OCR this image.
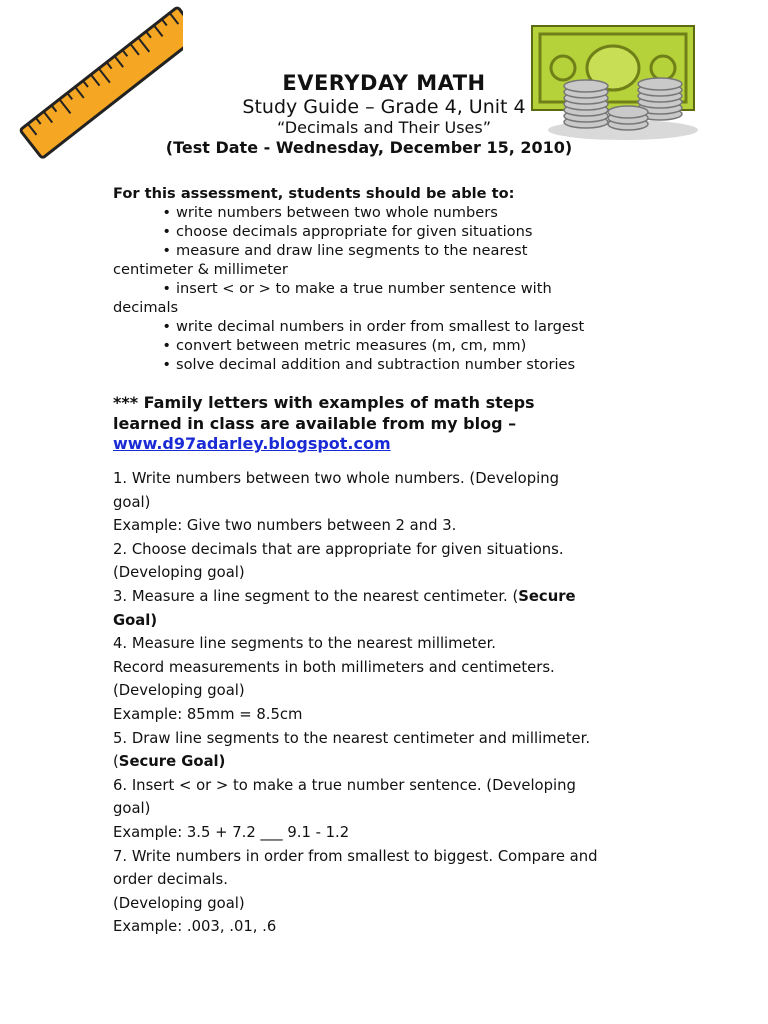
EVERYDAY MATH
Study Guide – Grade 4, Unit 4
“Decimals and Their Uses”
(Test Date - Wednesday, December 15, 2010)
For this assessment, students should be able to:
• write numbers between two whole numbers
• choose decimals appropriate for given situations
• measure and draw line segments to the nearest
centimeter & millimeter
• insert < or > to make a true number sentence with
decimals
• write decimal numbers in order from smallest to largest
• convert between metric measures (m, cm, mm)
• solve decimal addition and subtraction number stories
*** Family letters with examples of math steps
learned in class are available from my blog –
www.d97adarley.blogspot.com

1. Write numbers between two whole numbers. (Developing

goal)

Example: Give two numbers between 2 and 3.

2. Choose decimals that are appropriate for given situations.

(Developing goal)

3. Measure a line segment to the nearest centimeter. (Secure

Goal)

4. Measure line segments to the nearest millimeter.

Record measurements in both millimeters and centimeters.

(Developing goal)

Example: 85mm = 8.5cm

5. Draw line segments to the nearest centimeter and millimeter.

(Secure Goal)

6. Insert < or > to make a true number sentence. (Developing

goal)

Example: 3.5 + 7.2 ___ 9.1 - 1.2

7. Write numbers in order from smallest to biggest. Compare and

order decimals.

(Developing goal)

Example: .003, .01, .6
